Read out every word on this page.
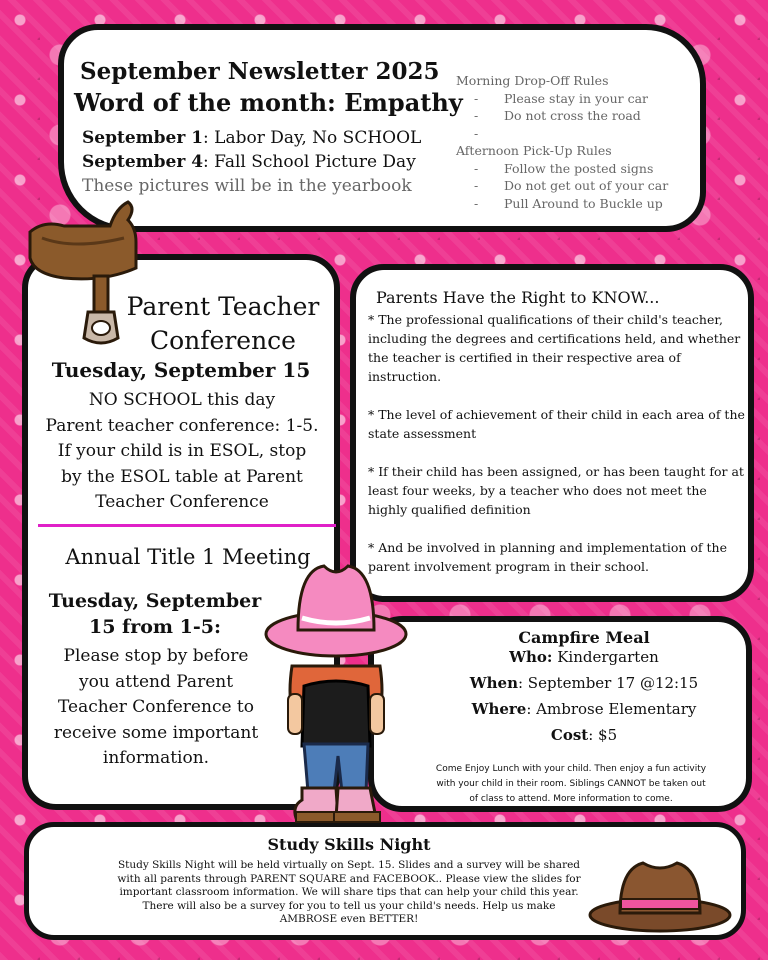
September Newsletter 2025
Word of the month: Empathy
September 1: Labor Day, No SCHOOL
September 4: Fall School Picture Day
These pictures will be in the yearbook
Morning Drop-Off Rules
- Please stay in your car
- Do not cross the road
-
Afternoon Pick-Up Rules
- Follow the posted signs
- Do not get out of your car
- Pull Around to Buckle up
Parent Teacher
Conference
Tuesday, September 15
NO SCHOOL this day
Parent teacher conference: 1-5.
If your child is in ESOL, stop
by the ESOL table at Parent
Teacher Conference
Annual Title 1 Meeting
Tuesday, September
15 from 1-5:
Please stop by before
you attend Parent
Teacher Conference to
receive some important
information.
Parents Have the Right to KNOW...

* The professional qualifications of their child's teacher, including the degrees and certifications held, and whether the teacher is certified in their respective area of instruction.

* The level of achievement of their child in each area of the state assessment

* If their child has been assigned, or has been taught for at least four weeks, by a teacher who does not meet the highly qualified definition

* And be involved in planning and implementation of the parent involvement program in their school.

Campfire Meal
Who: Kindergarten
When: September 17 @12:15
Where: Ambrose Elementary
Cost: $5
Come Enjoy Lunch with your child. Then enjoy a fun activity
with your child in their room. Siblings CANNOT be taken out
of class to attend. More information to come.
Study Skills Night
Study Skills Night will be held virtually on Sept. 15. Slides and a survey will be shared
with all parents through PARENT SQUARE and FACEBOOK.. Please view the slides for
important classroom information. We will share tips that can help your child this year.
There will also be a survey for you to tell us your child's needs. Help us make
AMBROSE even BETTER!
